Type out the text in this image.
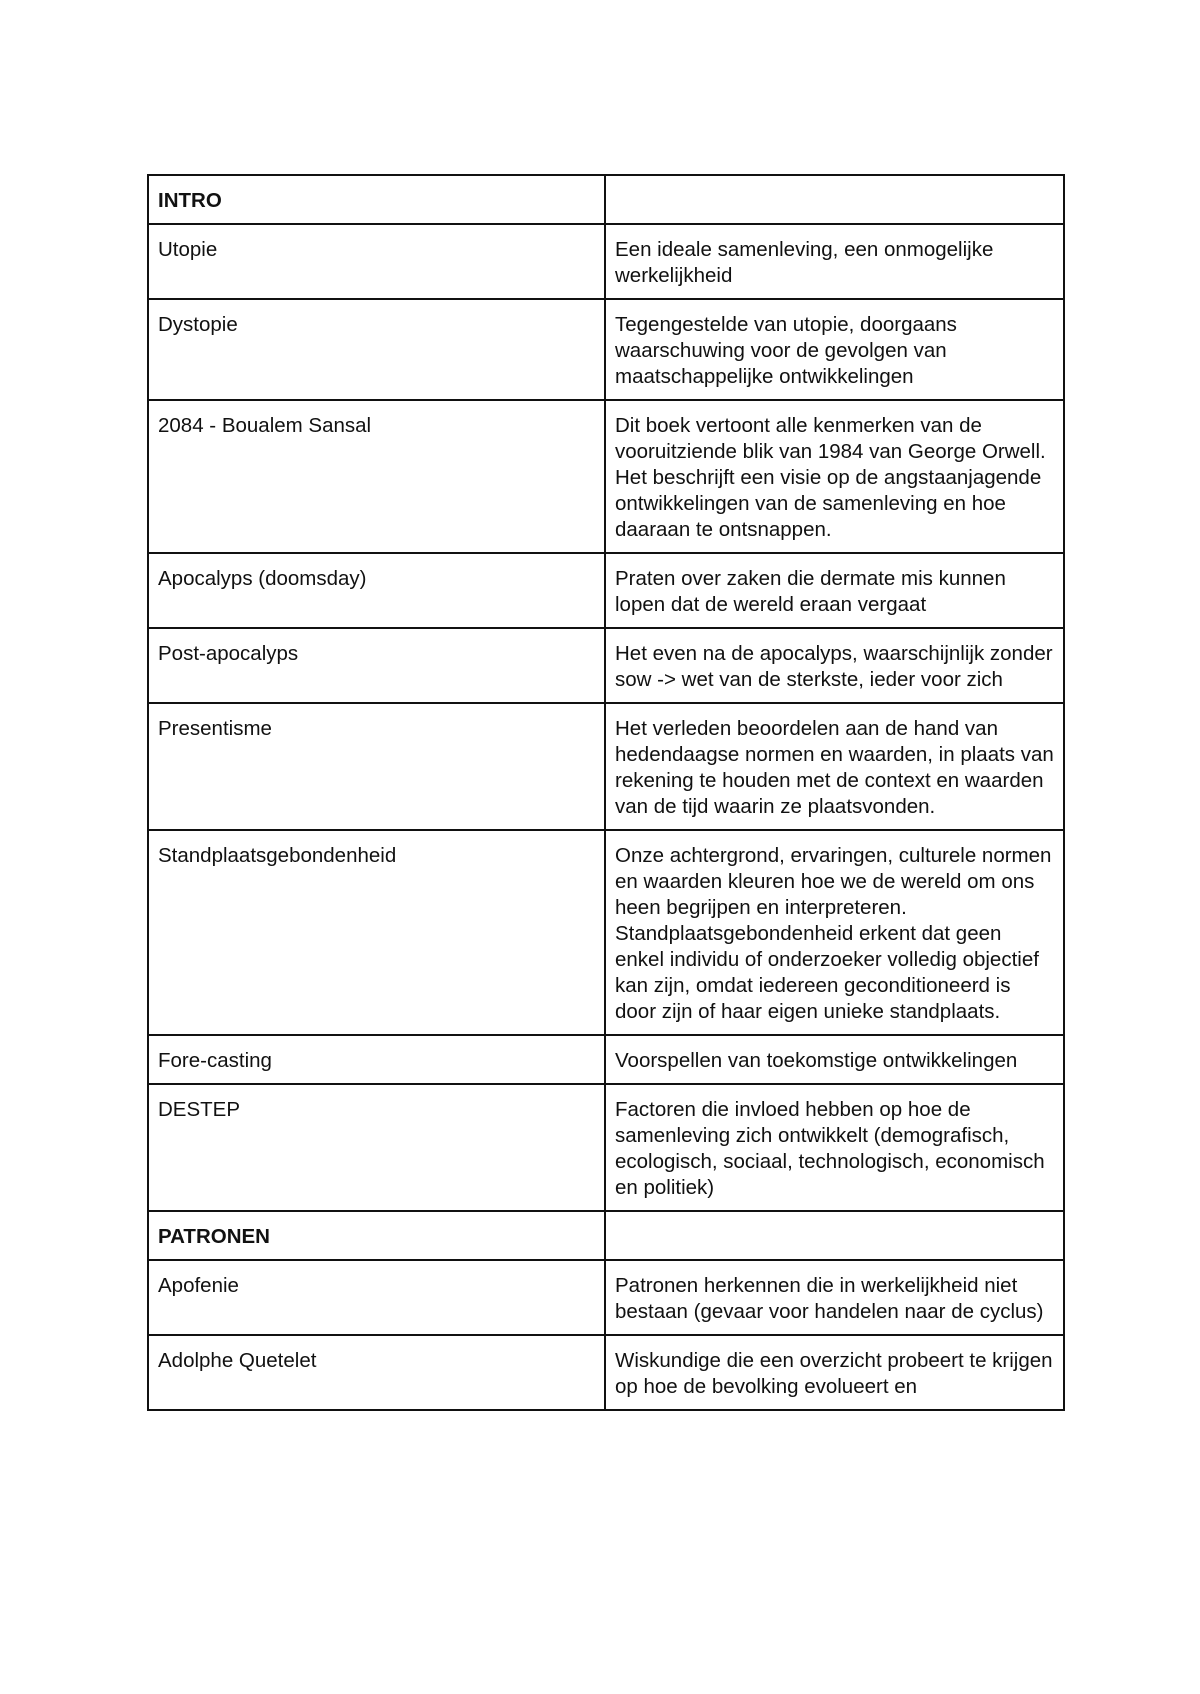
INTRO	
Utopie	Een ideale samenleving, een onmogelijke werkelijkheid
Dystopie	Tegengestelde van utopie, doorgaans waarschuwing voor de gevolgen van maatschappelijke ontwikkelingen
2084 - Boualem Sansal	Dit boek vertoont alle kenmerken van de vooruitziende blik van 1984 van George Orwell. Het beschrijft een visie op de angstaanjagende ontwikkelingen van de samenleving en hoe daaraan te ontsnappen.
Apocalyps (doomsday)	Praten over zaken die dermate mis kunnen lopen dat de wereld eraan vergaat
Post-apocalyps	Het even na de apocalyps, waarschijnlijk zonder sow -> wet van de sterkste, ieder voor zich
Presentisme	Het verleden beoordelen aan de hand van hedendaagse normen en waarden, in plaats van rekening te houden met de context en waarden van de tijd waarin ze plaatsvonden.
Standplaatsgebondenheid	Onze achtergrond, ervaringen, culturele normen en waarden kleuren hoe we de wereld om ons heen begrijpen en interpreteren. Standplaatsgebondenheid erkent dat geen enkel individu of onderzoeker volledig objectief kan zijn, omdat iedereen geconditioneerd is door zijn of haar eigen unieke standplaats.
Fore-casting	Voorspellen van toekomstige ontwikkelingen
DESTEP	Factoren die invloed hebben op hoe de samenleving zich ontwikkelt (demografisch, ecologisch, sociaal, technologisch, economisch en politiek)
PATRONEN	
Apofenie	Patronen herkennen die in werkelijkheid niet bestaan (gevaar voor handelen naar de cyclus)
Adolphe Quetelet	Wiskundige die een overzicht probeert te krijgen op hoe de bevolking evolueert en
